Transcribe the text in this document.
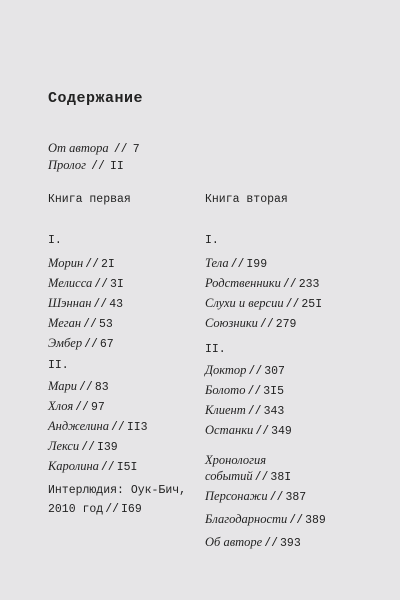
Содержание
От автора // 7
Пролог // II
Книга первая	Книга вторая
I.
Морин // 2I
Мелисса // 3I
Шэннан // 43
Меган // 53
Эмбер // 67
I.
Тела // I99
Родственники // 233
Слухи и версии // 25I
Союзники // 279
II.
Мари // 83
Хлоя // 97
Анджелина // II3
Лекси // I39
Каролина // I5I
Интерлюдия: Оук-Бич,
2010 год // I69
II.
Доктор // 307
Болото // 3I5
Клиент // 343
Останки // 349
Хронология
событий // 38I
Персонажи // 387
Благодарности // 389
Об авторе // 393
